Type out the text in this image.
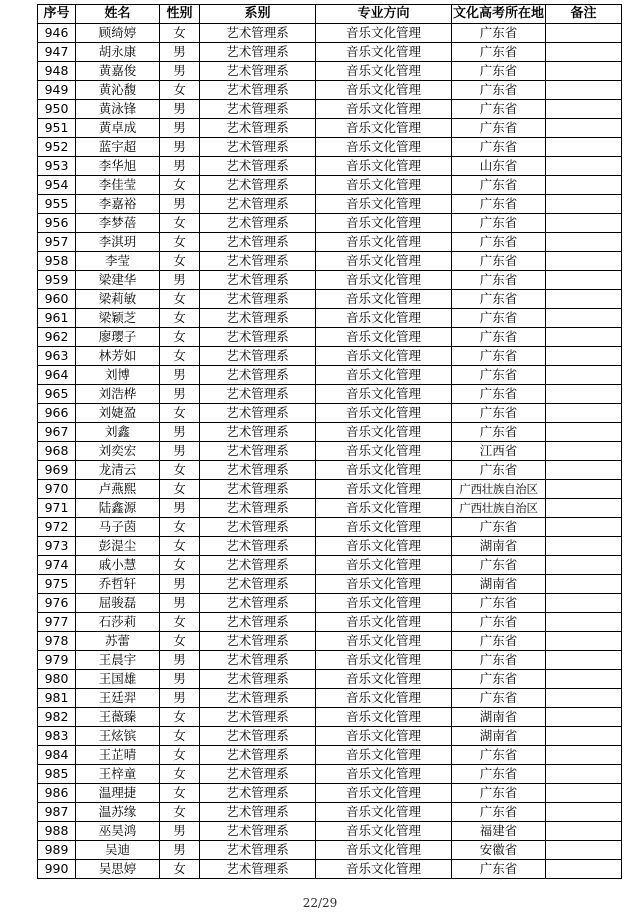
序号	姓名	性别	系别	专业方向	文化高考所在地	备注
946	顾绮婷	女	艺术管理系	音乐文化管理	广东省	
947	胡永康	男	艺术管理系	音乐文化管理	广东省	
948	黄嘉俊	男	艺术管理系	音乐文化管理	广东省	
949	黄沁馥	女	艺术管理系	音乐文化管理	广东省	
950	黄泳锋	男	艺术管理系	音乐文化管理	广东省	
951	黄卓成	男	艺术管理系	音乐文化管理	广东省	
952	蓝宇超	男	艺术管理系	音乐文化管理	广东省	
953	李华旭	男	艺术管理系	音乐文化管理	山东省	
954	李佳莹	女	艺术管理系	音乐文化管理	广东省	
955	李嘉裕	男	艺术管理系	音乐文化管理	广东省	
956	李梦蓓	女	艺术管理系	音乐文化管理	广东省	
957	李淇玥	女	艺术管理系	音乐文化管理	广东省	
958	李莹	女	艺术管理系	音乐文化管理	广东省	
959	梁建华	男	艺术管理系	音乐文化管理	广东省	
960	梁莉敏	女	艺术管理系	音乐文化管理	广东省	
961	梁颖芝	女	艺术管理系	音乐文化管理	广东省	
962	廖璎子	女	艺术管理系	音乐文化管理	广东省	
963	林芳如	女	艺术管理系	音乐文化管理	广东省	
964	刘博	男	艺术管理系	音乐文化管理	广东省	
965	刘浩桦	男	艺术管理系	音乐文化管理	广东省	
966	刘婕盈	女	艺术管理系	音乐文化管理	广东省	
967	刘鑫	男	艺术管理系	音乐文化管理	广东省	
968	刘奕宏	男	艺术管理系	音乐文化管理	江西省	
969	龙清云	女	艺术管理系	音乐文化管理	广东省	
970	卢燕熙	女	艺术管理系	音乐文化管理	广西壮族自治区	
971	陆鑫源	男	艺术管理系	音乐文化管理	广西壮族自治区	
972	马子茵	女	艺术管理系	音乐文化管理	广东省	
973	彭湜尘	女	艺术管理系	音乐文化管理	湖南省	
974	戚小慧	女	艺术管理系	音乐文化管理	广东省	
975	乔哲轩	男	艺术管理系	音乐文化管理	湖南省	
976	屈骏磊	男	艺术管理系	音乐文化管理	广东省	
977	石莎莉	女	艺术管理系	音乐文化管理	广东省	
978	苏蕾	女	艺术管理系	音乐文化管理	广东省	
979	王晨宇	男	艺术管理系	音乐文化管理	广东省	
980	王国雄	男	艺术管理系	音乐文化管理	广东省	
981	王廷羿	男	艺术管理系	音乐文化管理	广东省	
982	王薇臻	女	艺术管理系	音乐文化管理	湖南省	
983	王炫镔	女	艺术管理系	音乐文化管理	湖南省	
984	王芷晴	女	艺术管理系	音乐文化管理	广东省	
985	王梓童	女	艺术管理系	音乐文化管理	广东省	
986	温理捷	女	艺术管理系	音乐文化管理	广东省	
987	温苏缘	女	艺术管理系	音乐文化管理	广东省	
988	巫昊鸿	男	艺术管理系	音乐文化管理	福建省	
989	吴迪	男	艺术管理系	音乐文化管理	安徽省	
990	吴思婷	女	艺术管理系	音乐文化管理	广东省	
22/29
